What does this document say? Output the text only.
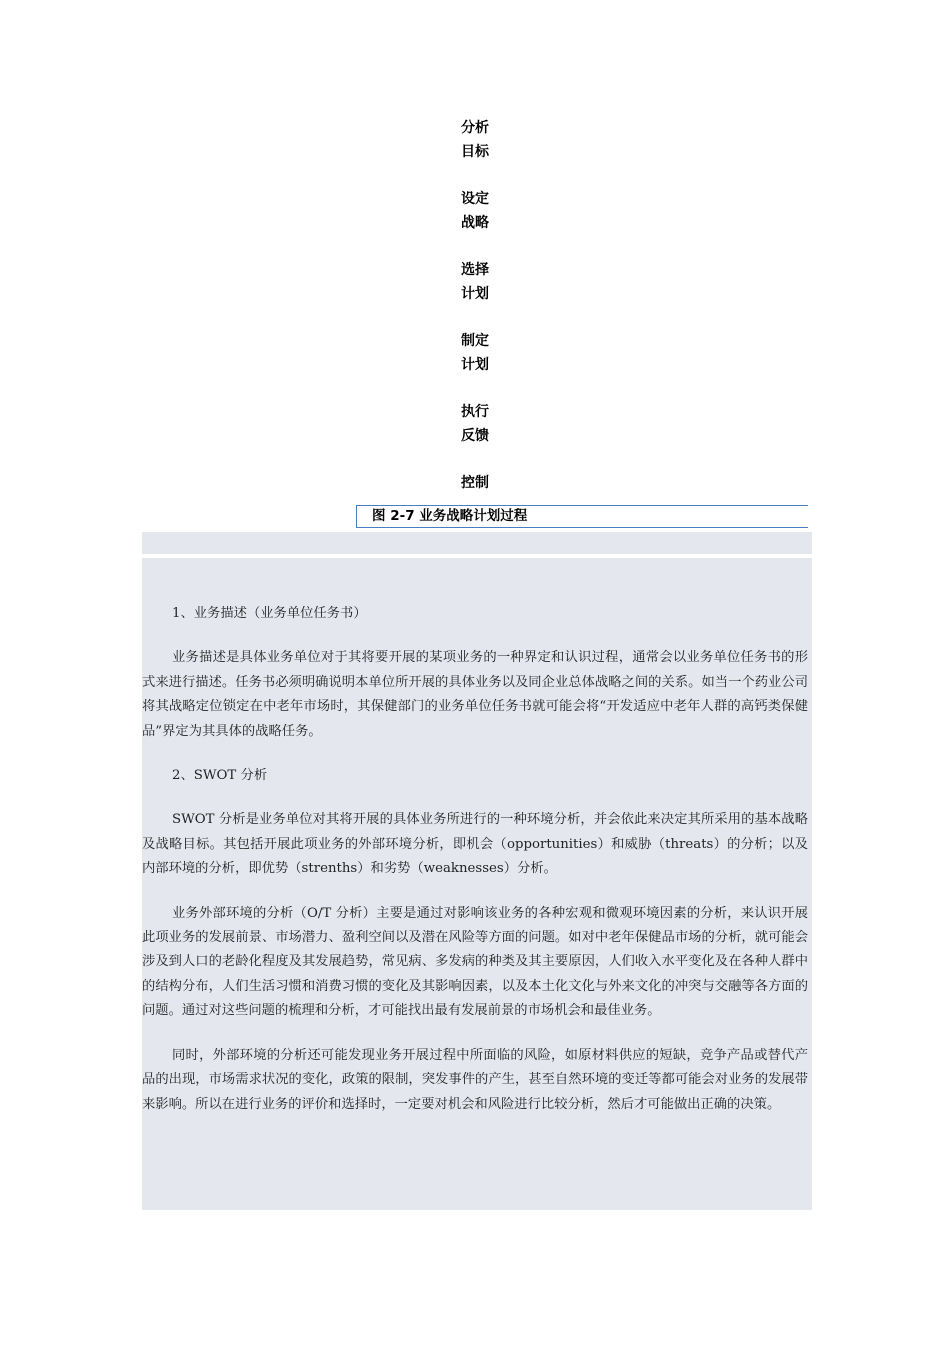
分析
目标
设定
战略
选择
计划
制定
计划
执行
反馈
控制
图 2-7 业务战略计划过程

1、业务描述（业务单位任务书）

业务描述是具体业务单位对于其将要开展的某项业务的一种界定和认识过程，通常会以业务单位任务书的形式来进行描述。任务书必须明确说明本单位所开展的具体业务以及同企业总体战略之间的关系。如当一个药业公司将其战略定位锁定在中老年市场时，其保健部门的业务单位任务书就可能会将“开发适应中老年人群的高钙类保健品”界定为其具体的战略任务。

2、SWOT 分析

SWOT 分析是业务单位对其将开展的具体业务所进行的一种环境分析，并会依此来决定其所采用的基本战略及战略目标。其包括开展此项业务的外部环境分析，即机会（opportunities）和威胁（threats）的分析；以及内部环境的分析，即优势（strenths）和劣势（weaknesses）分析。

业务外部环境的分析（O/T 分析）主要是通过对影响该业务的各种宏观和微观环境因素的分析，来认识开展此项业务的发展前景、市场潜力、盈利空间以及潜在风险等方面的问题。如对中老年保健品市场的分析，就可能会涉及到人口的老龄化程度及其发展趋势，常见病、多发病的种类及其主要原因，人们收入水平变化及在各种人群中的结构分布，人们生活习惯和消费习惯的变化及其影响因素，以及本土化文化与外来文化的冲突与交融等各方面的问题。通过对这些问题的梳理和分析，才可能找出最有发展前景的市场机会和最佳业务。

同时，外部环境的分析还可能发现业务开展过程中所面临的风险，如原材料供应的短缺，竞争产品或替代产品的出现，市场需求状况的变化，政策的限制，突发事件的产生，甚至自然环境的变迁等都可能会对业务的发展带来影响。所以在进行业务的评价和选择时，一定要对机会和风险进行比较分析，然后才可能做出正确的决策。
